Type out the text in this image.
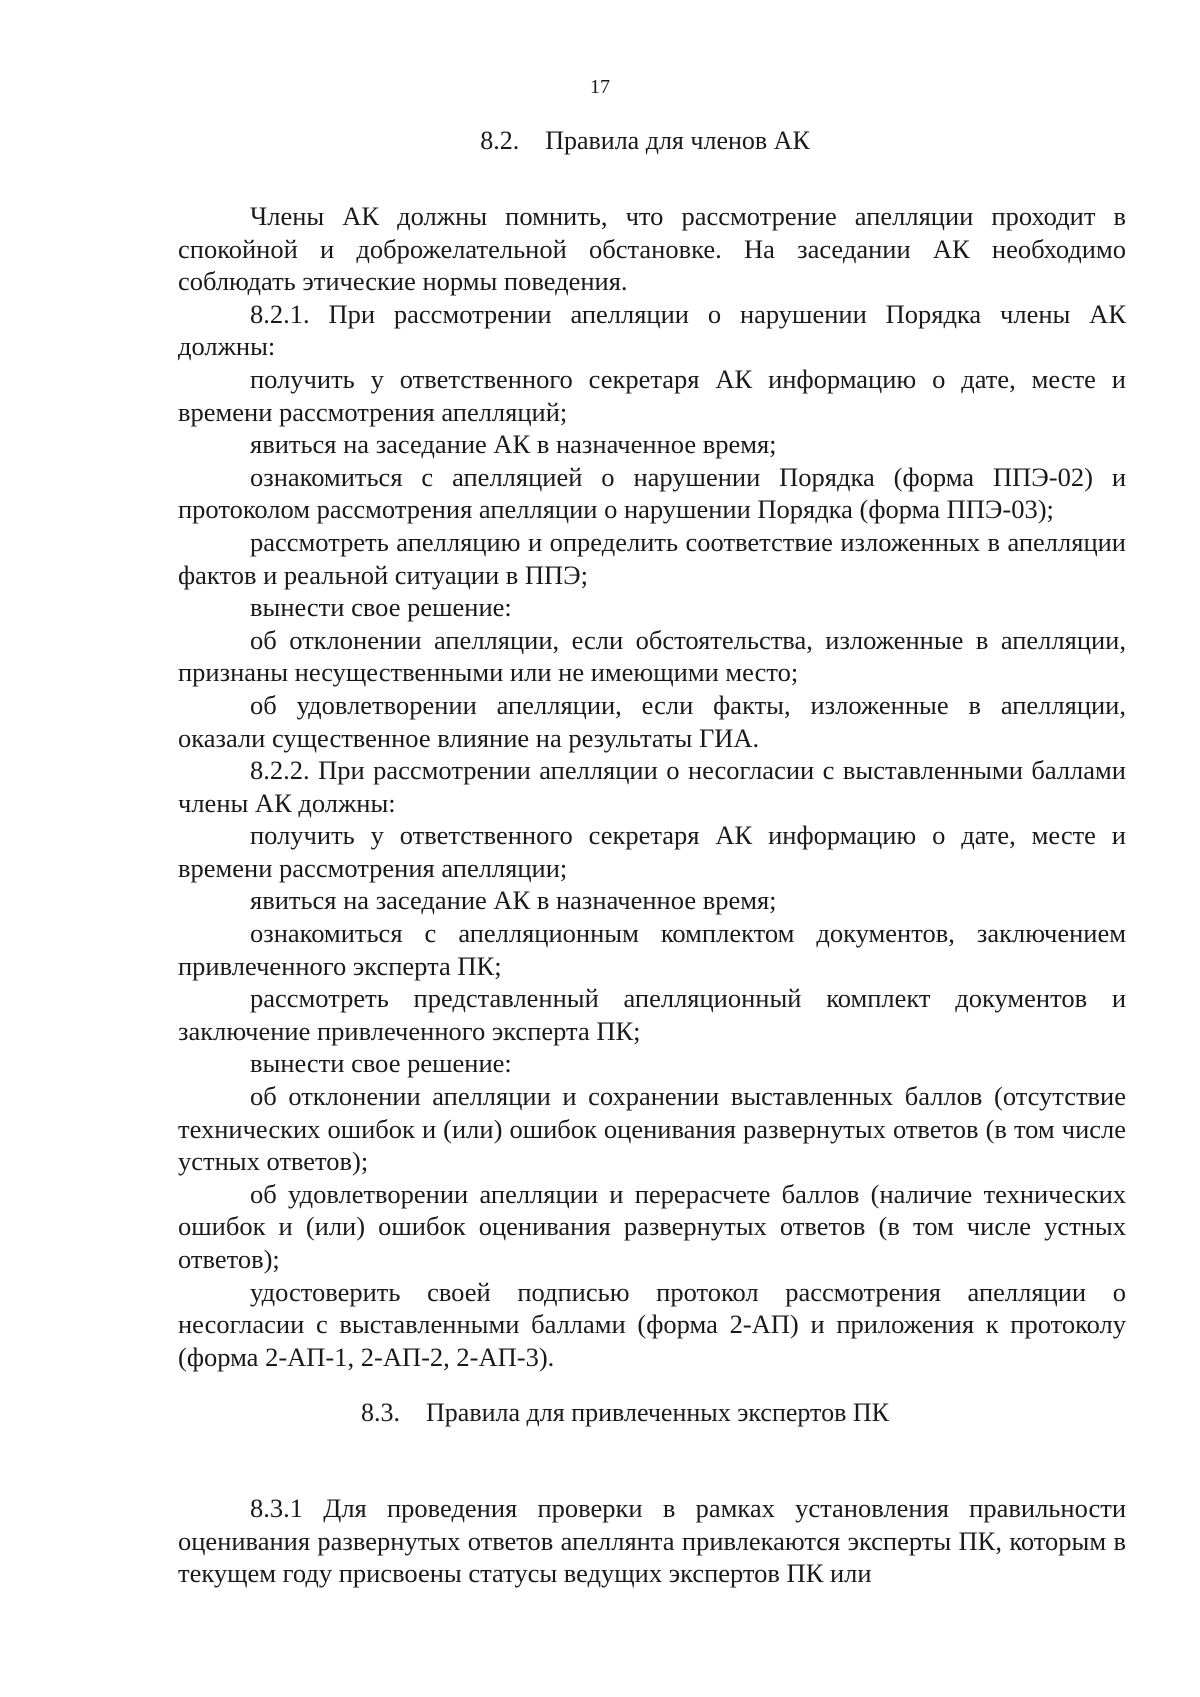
17
8.2. Правила для членов АК

Члены АК должны помнить, что рассмотрение апелляции проходит в спокойной и доброжелательной обстановке. На заседании АК необходимо соблюдать этические нормы поведения.

8.2.1. При рассмотрении апелляции о нарушении Порядка члены АК должны:

получить у ответственного секретаря АК информацию о дате, месте и времени рассмотрения апелляций;

явиться на заседание АК в назначенное время;

ознакомиться с апелляцией о нарушении Порядка (форма ППЭ-02) и протоколом рассмотрения апелляции о нарушении Порядка (форма ППЭ-03);

рассмотреть апелляцию и определить соответствие изложенных в апелляции фактов и реальной ситуации в ППЭ;

вынести свое решение:

об отклонении апелляции, если обстоятельства, изложенные в апелляции, признаны несущественными или не имеющими место;

об удовлетворении апелляции, если факты, изложенные в апелляции, оказали существенное влияние на результаты ГИА.

8.2.2. При рассмотрении апелляции о несогласии с выставленными баллами члены АК должны:

получить у ответственного секретаря АК информацию о дате, месте и времени рассмотрения апелляции;

явиться на заседание АК в назначенное время;

ознакомиться с апелляционным комплектом документов, заключением привлеченного эксперта ПК;

рассмотреть представленный апелляционный комплект документов и заключение привлеченного эксперта ПК;

вынести свое решение:

об отклонении апелляции и сохранении выставленных баллов (отсутствие технических ошибок и (или) ошибок оценивания развернутых ответов (в том числе устных ответов);

об удовлетворении апелляции и перерасчете баллов (наличие технических ошибок и (или) ошибок оценивания развернутых ответов (в том числе устных ответов);

удостоверить своей подписью протокол рассмотрения апелляции о несогласии с выставленными баллами (форма 2-АП) и приложения к протоколу (форма 2-АП-1, 2-АП-2, 2-АП-3).

8.3. Правила для привлеченных экспертов ПК

8.3.1 Для проведения проверки в рамках установления правильности оценивания развернутых ответов апеллянта привлекаются эксперты ПК, которым в текущем году присвоены статусы ведущих экспертов ПК или
